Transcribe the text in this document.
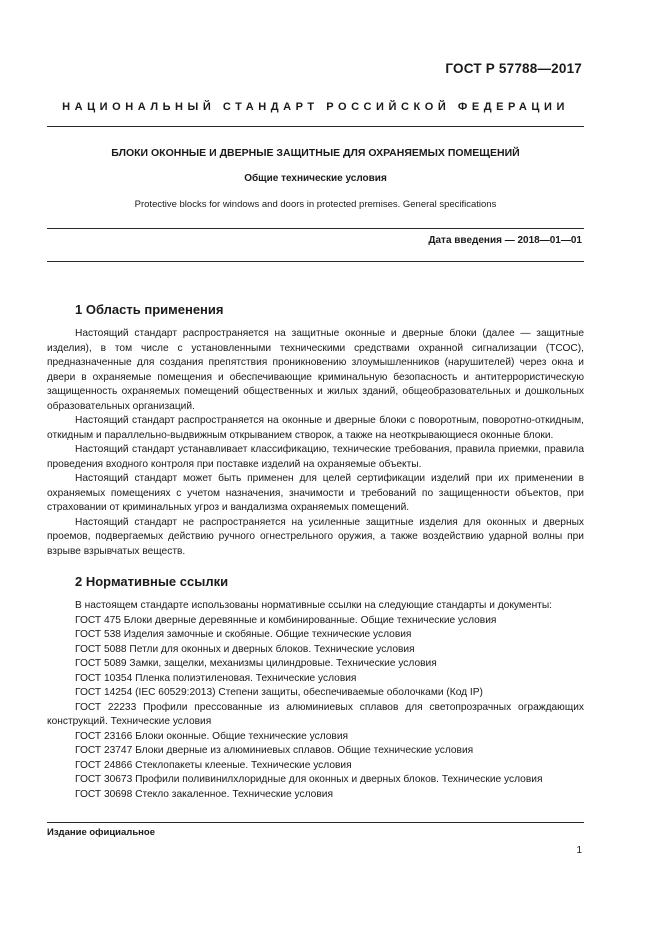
ГОСТ Р 57788—2017
НАЦИОНАЛЬНЫЙ СТАНДАРТ РОССИЙСКОЙ ФЕДЕРАЦИИ
БЛОКИ ОКОННЫЕ И ДВЕРНЫЕ ЗАЩИТНЫЕ ДЛЯ ОХРАНЯЕМЫХ ПОМЕЩЕНИЙ
Общие технические условия
Protective blocks for windows and doors in protected premises. General specifications
Дата введения — 2018—01—01
1 Область применения

Настоящий стандарт распространяется на защитные оконные и дверные блоки (далее — защитные изделия), в том числе с установленными техническими средствами охранной сигнализации (ТСОС), предназначенные для создания препятствия проникновению злоумышленников (нарушителей) через окна и двери в охраняемые помещения и обеспечивающие криминальную безопасность и антитеррористическую защищенность охраняемых помещений общественных и жилых зданий, общеобразовательных и дошкольных образовательных организаций.

Настоящий стандарт распространяется на оконные и дверные блоки с поворотным, поворотно-откидным, откидным и параллельно-выдвижным открыванием створок, а также на неоткрывающиеся оконные блоки.

Настоящий стандарт устанавливает классификацию, технические требования, правила приемки, правила проведения входного контроля при поставке изделий на охраняемые объекты.

Настоящий стандарт может быть применен для целей сертификации изделий при их применении в охраняемых помещениях с учетом назначения, значимости и требований по защищенности объектов, при страховании от криминальных угроз и вандализма охраняемых помещений.

Настоящий стандарт не распространяется на усиленные защитные изделия для оконных и дверных проемов, подвергаемых действию ручного огнестрельного оружия, а также воздействию ударной волны при взрыве взрывчатых веществ.

2 Нормативные ссылки

В настоящем стандарте использованы нормативные ссылки на следующие стандарты и документы:

ГОСТ 475 Блоки дверные деревянные и комбинированные. Общие технические условия

ГОСТ 538 Изделия замочные и скобяные. Общие технические условия

ГОСТ 5088 Петли для оконных и дверных блоков. Технические условия

ГОСТ 5089 Замки, защелки, механизмы цилиндровые. Технические условия

ГОСТ 10354 Пленка полиэтиленовая. Технические условия

ГОСТ 14254 (IEC 60529:2013) Степени защиты, обеспечиваемые оболочками (Код IP)

ГОСТ 22233 Профили прессованные из алюминиевых сплавов для светопрозрачных ограждающих конструкций. Технические условия

ГОСТ 23166 Блоки оконные. Общие технические условия

ГОСТ 23747 Блоки дверные из алюминиевых сплавов. Общие технические условия

ГОСТ 24866 Стеклопакеты клееные. Технические условия

ГОСТ 30673 Профили поливинилхлоридные для оконных и дверных блоков. Технические условия

ГОСТ 30698 Стекло закаленное. Технические условия

Издание официальное
1
